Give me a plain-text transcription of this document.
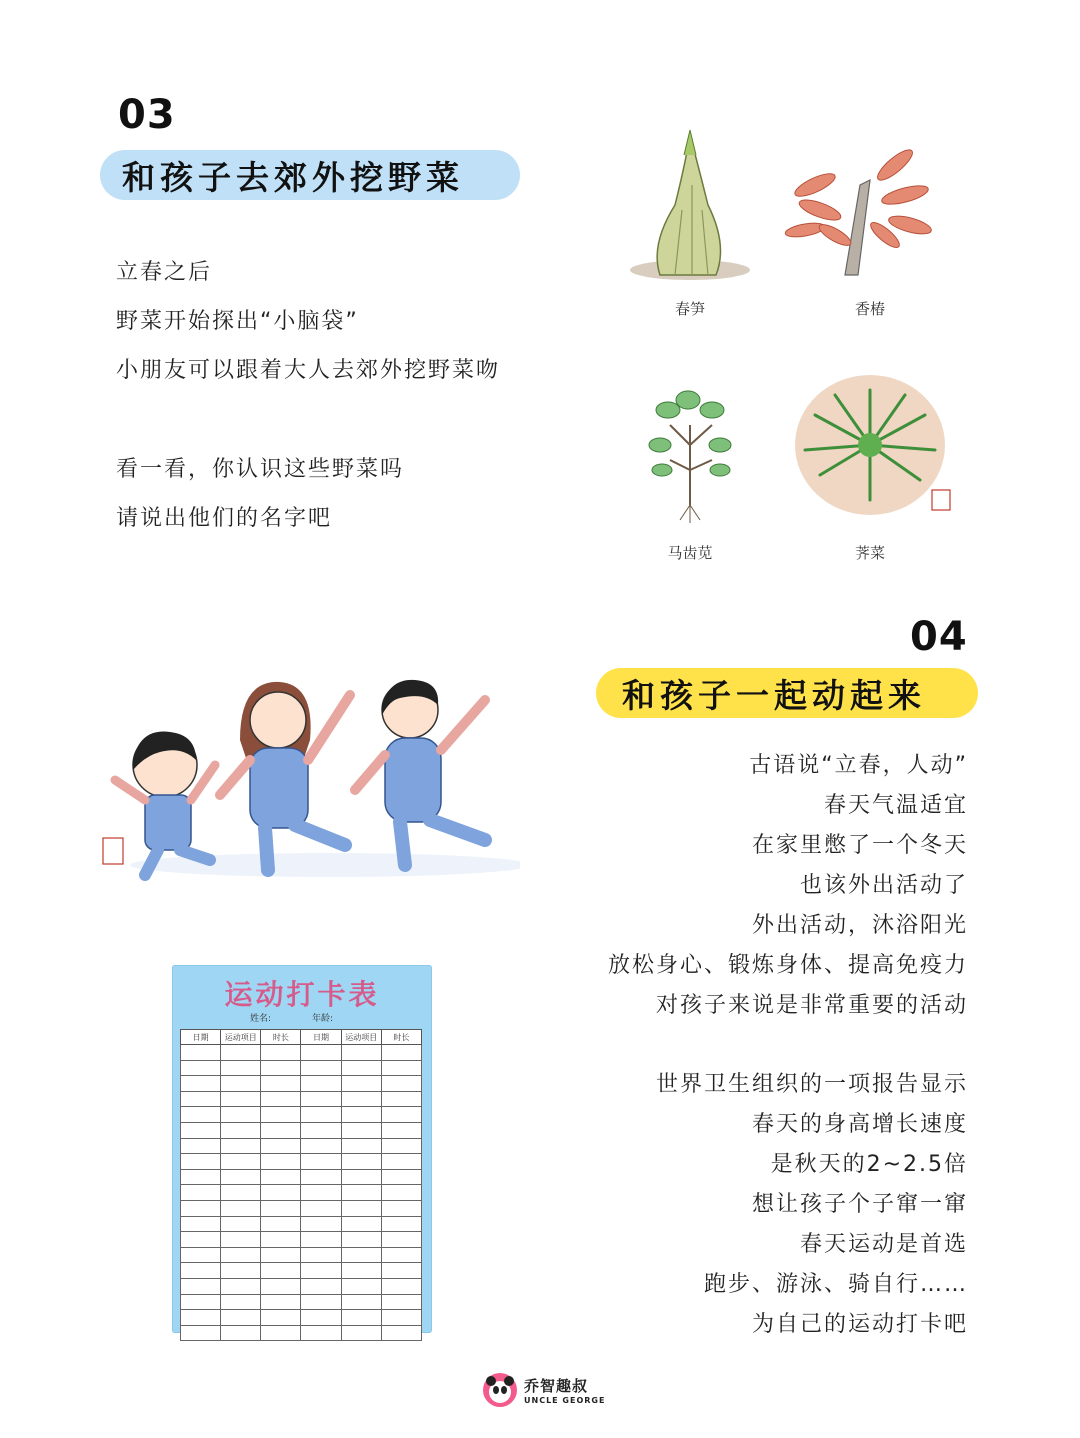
03
和孩子去郊外挖野菜
立春之后
野菜开始探出“小脑袋”
小朋友可以跟着大人去郊外挖野菜吻
看一看，你认识这些野菜吗
请说出他们的名字吧
春笋	香椿
马齿苋	荠菜
04
和孩子一起动起来
古语说“立春，人动”
春天气温适宜
在家里憋了一个冬天
也该外出活动了
外出活动，沐浴阳光
放松身心、锻炼身体、提高免疫力
对孩子来说是非常重要的活动
世界卫生组织的一项报告显示
春天的身高增长速度
是秋天的2~2.5倍
想让孩子个子窜一窜
春天运动是首选
跑步、游泳、骑自行……
为自己的运动打卡吧
运动打卡表
姓名:	年龄:
日期	运动项目	时长	日期	运动项目	时长

乔智趣叔
UNCLE GEORGE
